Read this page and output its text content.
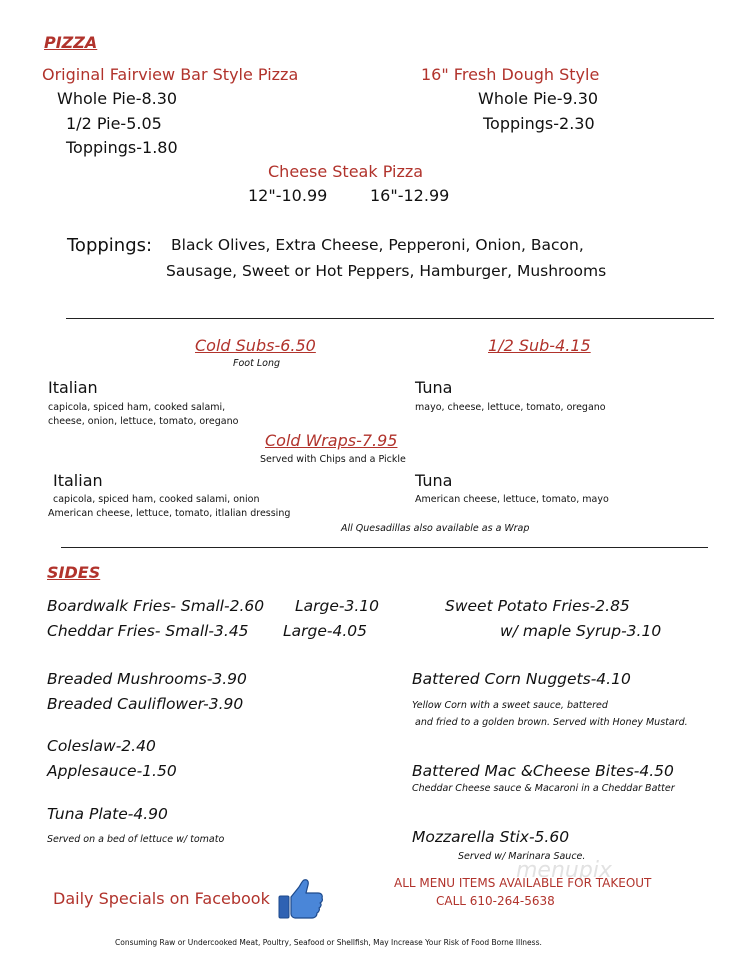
PIZZA
Original Fairview Bar Style Pizza
Whole Pie-8.30
1/2 Pie-5.05
Toppings-1.80
16" Fresh Dough Style
Whole Pie-9.30
Toppings-2.30
Cheese Steak Pizza
12"-10.99	16"-12.99
Toppings: Black Olives, Extra Cheese, Pepperoni, Onion, Bacon,
Sausage, Sweet or Hot Peppers, Hamburger, Mushrooms
Cold Subs-6.50
Foot Long
1/2 Sub-4.15
Italian
capicola, spiced ham, cooked salami,
cheese, onion, lettuce, tomato, oregano
Tuna
mayo, cheese, lettuce, tomato, oregano
Cold Wraps-7.95
Served with Chips and a Pickle
Italian
capicola, spiced ham, cooked salami, onion
American cheese, lettuce, tomato, itlalian dressing
Tuna
American cheese, lettuce, tomato, mayo
All Quesadillas also available as a Wrap
SIDES
Boardwalk Fries- Small-2.60 Large-3.10
Cheddar Fries- Small-3.45 Large-4.05
Sweet Potato Fries-2.85
w/ maple Syrup-3.10
Breaded Mushrooms-3.90
Breaded Cauliflower-3.90
Battered Corn Nuggets-4.10
Yellow Corn with a sweet sauce, battered
and fried to a golden brown. Served with Honey Mustard.
Coleslaw-2.40
Applesauce-1.50	Battered Mac &Cheese Bites-4.50
Cheddar Cheese sauce & Macaroni in a Cheddar Batter
Tuna Plate-4.90
Served on a bed of lettuce w/ tomato	Mozzarella Stix-5.60
Served w/ Marinara Sauce.
Daily Specials on Facebook
menupix
ALL MENU ITEMS AVAILABLE FOR TAKEOUT
CALL 610-264-5638
Consuming Raw or Undercooked Meat, Poultry, Seafood or Shellfish, May Increase Your Risk of Food Borne Illness.
